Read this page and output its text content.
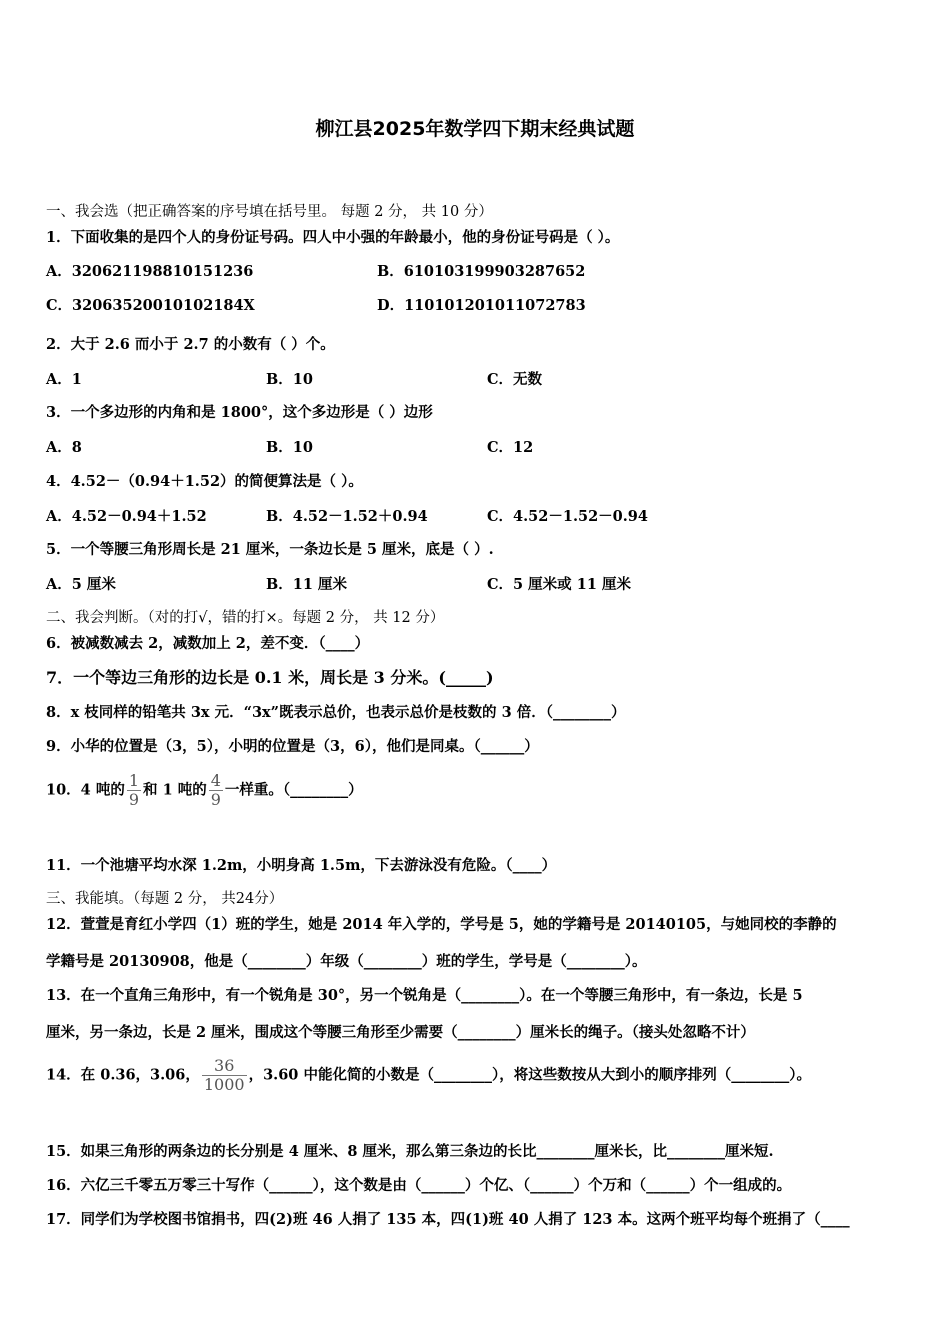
柳江县2025年数学四下期末经典试题
一、我会选（把正确答案的序号填在括号里。 每题 2 分， 共 10 分）
1．下面收集的是四个人的身份证号码。四人中小强的年龄最小，他的身份证号码是（ ）。
A．320621198810151236	B．610103199903287652
C．32063520010102184X	D．110101201011072783
2．大于 2.6 而小于 2.7 的小数有（ ）个。
A．1	B．10	C．无数
3．一个多边形的内角和是 1800°，这个多边形是（ ）边形
A．8	B．10	C．12
4．4.52－（0.94＋1.52）的简便算法是（ ）。
A．4.52－0.94＋1.52	B．4.52－1.52＋0.94	C．4.52－1.52－0.94
5．一个等腰三角形周长是 21 厘米，一条边长是 5 厘米，底是（ ）.
A．5 厘米	B．11 厘米	C．5 厘米或 11 厘米
二、我会判断。（对的打√，错的打×。每题 2 分， 共 12 分）
6．被减数减去 2，减数加上 2，差不变．（____）
7．一个等边三角形的边长是 0.1 米，周长是 3 分米。(_____)
8．x 枝同样的铅笔共 3x 元．“3x”既表示总价，也表示总价是枝数的 3 倍．（________）
9．小华的位置是（3，5），小明的位置是（3，6），他们是同桌。（______）
10．4 吨的 $\frac{1}{9}$ 和 1 吨的 $\frac{4}{9}$ 一样重。（________）
11．一个池塘平均水深 1.2m，小明身高 1.5m，下去游泳没有危险。（____）
三、我能填。（每题 2 分， 共24分）
12．萱萱是育红小学四（1）班的学生，她是 2014 年入学的，学号是 5，她的学籍号是 20140105，与她同校的李静的
学籍号是 20130908，他是（________）年级（________）班的学生，学号是（________）。
13．在一个直角三角形中，有一个锐角是 30°，另一个锐角是（________）。在一个等腰三角形中，有一条边，长是 5
厘米，另一条边，长是 2 厘米，围成这个等腰三角形至少需要（________）厘米长的绳子。（接头处忽略不计）
14．在 0.36，3.06， $\frac{36}{1000}$ ，3.60 中能化简的小数是（________），将这些数按从大到小的顺序排列（________）。
15．如果三角形的两条边的长分别是 4 厘米、8 厘米，那么第三条边的长比________厘米长，比________厘米短.
16．六亿三千零五万零三十写作（______），这个数是由（______）个亿、（______）个万和（______）个一组成的。
17．同学们为学校图书馆捐书，四(2)班 46 人捐了 135 本，四(1)班 40 人捐了 123 本。这两个班平均每个班捐了（____
